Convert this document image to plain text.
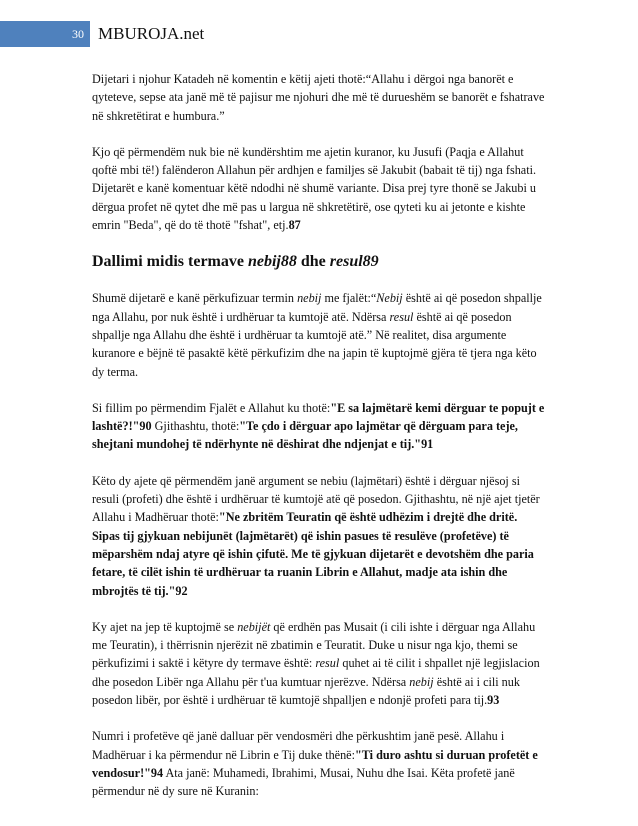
30 MBUROJA.net

Dijetari i njohur Katadeh në komentin e këtij ajeti thotë:“Allahu i dërgoi nga banorët e qyteteve, sepse ata janë më të pajisur me njohuri dhe më të durueshëm se banorët e fshatrave në shkretëtirat e humbura.”

Kjo që përmendëm nuk bie në kundërshtim me ajetin kuranor, ku Jusufi (Paqja e Allahut qoftë mbi të!) falënderon Allahun për ardhjen e familjes së Jakubit (babait të tij) nga fshati. Dijetarët e kanë komentuar këtë ndodhi në shumë variante. Disa prej tyre thonë se Jakubi u dërgua profet në qytet dhe më pas u largua në shkretëtirë, ose qyteti ku ai jetonte e kishte emrin "Beda", që do të thotë "fshat", etj.87

Dallimi midis termave nebij88 dhe resul89

Shumë dijetarë e kanë përkufizuar termin nebij me fjalët:“Nebij është ai që posedon shpallje nga Allahu, por nuk është i urdhëruar ta kumtojë atë. Ndërsa resul është ai që posedon shpallje nga Allahu dhe është i urdhëruar ta kumtojë atë.” Në realitet, disa argumente kuranore e bëjnë të pasaktë këtë përkufizim dhe na japin të kuptojmë gjëra të tjera nga këto dy terma.

Si fillim po përmendim Fjalët e Allahut ku thotë:"E sa lajmëtarë kemi dërguar te popujt e lashtë?!"90 Gjithashtu, thotë:"Te çdo i dërguar apo lajmëtar që dërguam para teje, shejtani mundohej të ndërhynte në dëshirat dhe ndjenjat e tij."91

Këto dy ajete që përmendëm janë argument se nebiu (lajmëtari) është i dërguar njësoj si resuli (profeti) dhe është i urdhëruar të kumtojë atë që posedon. Gjithashtu, në një ajet tjetër Allahu i Madhëruar thotë:"Ne zbritëm Teuratin që është udhëzim i drejtë dhe dritë. Sipas tij gjykuan nebijunët (lajmëtarët) që ishin pasues të resulëve (profetëve) të mëparshëm ndaj atyre që ishin çifutë. Me të gjykuan dijetarët e devotshëm dhe paria fetare, të cilët ishin të urdhëruar ta ruanin Librin e Allahut, madje ata ishin dhe mbrojtës të tij."92

Ky ajet na jep të kuptojmë se nebijët që erdhën pas Musait (i cili ishte i dërguar nga Allahu me Teuratin), i thërrisnin njerëzit në zbatimin e Teuratit. Duke u nisur nga kjo, themi se përkufizimi i saktë i këtyre dy termave është: resul quhet ai të cilit i shpallet një legjislacion dhe posedon Libër nga Allahu për t'ua kumtuar njerëzve. Ndërsa nebij është ai i cili nuk posedon libër, por është i urdhëruar të kumtojë shpalljen e ndonjë profeti para tij.93

Numri i profetëve që janë dalluar për vendosmëri dhe përkushtim janë pesë. Allahu i Madhëruar i ka përmendur në Librin e Tij duke thënë:"Ti duro ashtu si duruan profetët e vendosur!"94 Ata janë: Muhamedi, Ibrahimi, Musai, Nuhu dhe Isai. Këta profetë janë përmendur në dy sure në Kuranin:
